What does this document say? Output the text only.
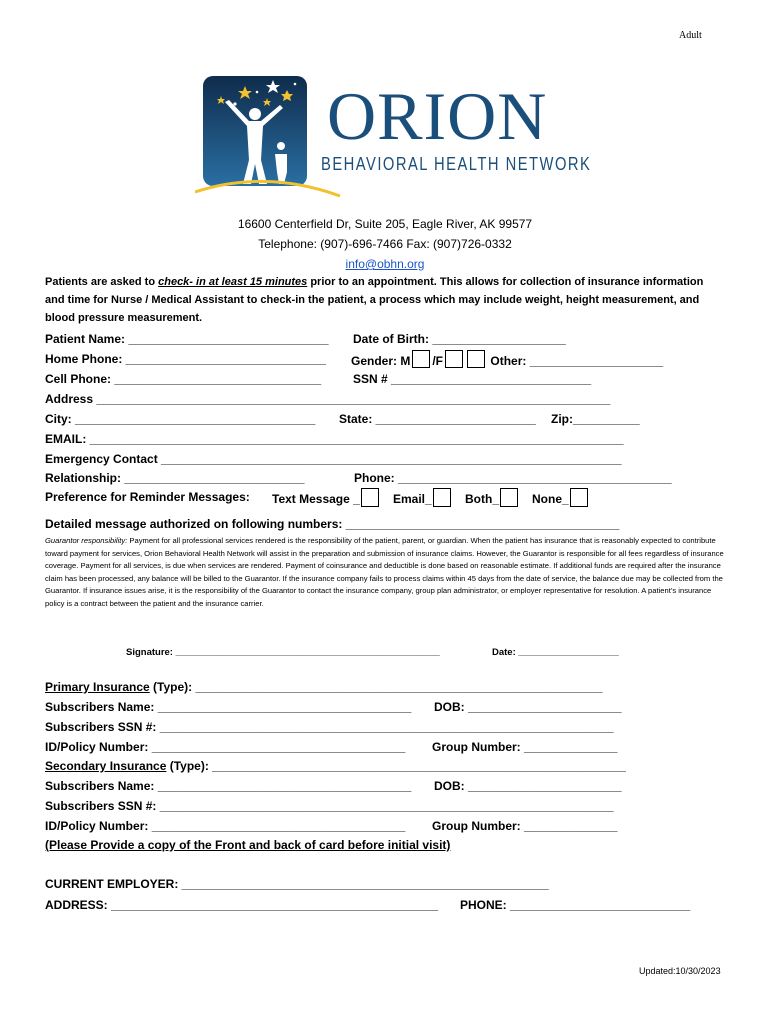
Adult
ORION
BEHAVIORAL HEALTH NETWORK
16600 Centerfield Dr, Suite 205, Eagle River, AK 99577
Telephone: (907)-696-7466 Fax: (907)726-0332
info@obhn.org
Patients are asked to check- in at least 15 minutes prior to an appointment. This allows for collection of insurance information
and time for Nurse / Medical Assistant to check-in the patient, a process which may include weight, height measurement, and
blood pressure measurement.
Patient Name: ______________________________ Date of Birth: ____________________
Home Phone: ______________________________ Gender: M /F	Other: ____________________
Cell Phone: _______________________________	SSN # ______________________________
Address _____________________________________________________________________________
City: ____________________________________ State: ________________________ Zip:__________
EMAIL: ________________________________________________________________________________
Emergency Contact _____________________________________________________________________
Relationship: ___________________________	Phone: _________________________________________
Preference for Reminder Messages: Text Message _	Email_	Both_	None_
Detailed message authorized on following numbers: _________________________________________
Guarantor responsibility: Payment for all professional services rendered is the responsibility of the patient, parent, or guardian. When the patient has insurance that is reasonably expected to contribute toward payment for services, Orion Behavioral Health Network will assist in the preparation and submission of insurance claims. However, the Guarantor is responsible for all fees regardless of insurance coverage. Payment for all services, is due when services are rendered. Payment of coinsurance and deductible is done based on reasonable estimate. If additional funds are required after the insurance claim has been processed, any balance will be billed to the Guarantor. If the insurance company fails to process claims within 45 days from the date of service, the balance due may be collected from the Guarantor. If insurance issues arise, it is the responsibility of the Guarantor to contact the insurance company, group plan administrator, or employer representative for resolution. A patient’s insurance policy is a contract between the patient and the insurance carrier.
Signature: __________________________________________________	Date: ___________________
Primary Insurance (Type): _____________________________________________________________
Subscribers Name: ______________________________________ DOB: _______________________
Subscribers SSN #: ____________________________________________________________________
ID/Policy Number: ______________________________________ Group Number: ______________
Secondary Insurance (Type): ______________________________________________________________
Subscribers Name: ______________________________________ DOB: _______________________
Subscribers SSN #: ____________________________________________________________________
ID/Policy Number: ______________________________________ Group Number: ______________
(Please Provide a copy of the Front and back of card before initial visit)
CURRENT EMPLOYER: _______________________________________________________
ADDRESS: _________________________________________________ PHONE: ___________________________
Updated:10/30/2023
